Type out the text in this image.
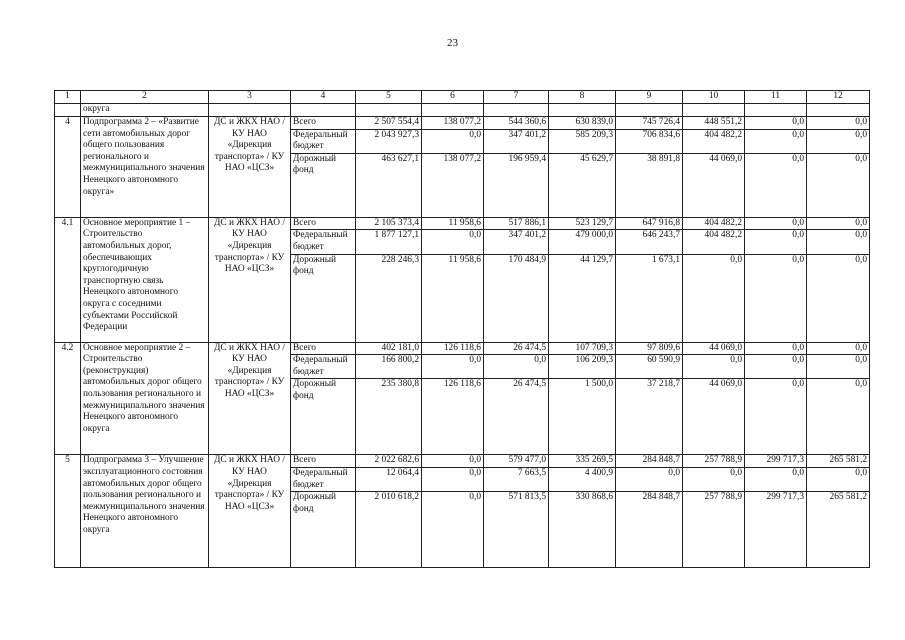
23
1	2	3	4	5	6	7	8	9	10	11	12
	округа										
4	Подпрограмма 2 – «Развитие сети автомобильных дорог общего пользования регионального и межмуниципального значения Ненецкого автономного округа»	ДС и ЖКХ НАО / КУ НАО «Дирекция транспорта» / КУ НАО «ЦСЗ»	Всего	2 507 554,4	138 077,2	544 360,6	630 839,0	745 726,4	448 551,2	0,0	0,0
			Федеральный бюджет	2 043 927,3	0,0	347 401,2	585 209,3	706 834,6	404 482,2	0,0	0,0
			Дорожный фонд	463 627,1	138 077,2	196 959,4	45 629,7	38 891,8	44 069,0	0,0	0,0
4.1	Основное мероприятие 1 – Строительство автомобильных дорог, обеспечивающих круглогодичную транспортную связь Ненецкого автономного округа с соседними субъектами Российской Федерации	ДС и ЖКХ НАО / КУ НАО «Дирекция транспорта» / КУ НАО «ЦСЗ»	Всего	2 105 373,4	11 958,6	517 886,1	523 129,7	647 916,8	404 482,2	0,0	0,0
			Федеральный бюджет	1 877 127,1	0,0	347 401,2	479 000,0	646 243,7	404 482,2	0,0	0,0
			Дорожный фонд	228 246,3	11 958,6	170 484,9	44 129,7	1 673,1	0,0	0,0	0,0
4.2	Основное мероприятие 2 – Строительство (реконструкция) автомобильных дорог общего пользования регионального и межмуниципального значения Ненецкого автономного округа	ДС и ЖКХ НАО / КУ НАО «Дирекция транспорта» / КУ НАО «ЦСЗ»	Всего	402 181,0	126 118,6	26 474,5	107 709,3	97 809,6	44 069,0	0,0	0,0
			Федеральный бюджет	166 800,2	0,0	0,0	106 209,3	60 590,9	0,0	0,0	0,0
			Дорожный фонд	235 380,8	126 118,6	26 474,5	1 500,0	37 218,7	44 069,0	0,0	0,0
5	Подпрограмма 3 – Улучшение эксплуатационного состояния автомобильных дорог общего пользования регионального и межмуниципального значения Ненецкого автономного округа	ДС и ЖКХ НАО / КУ НАО «Дирекция транспорта» / КУ НАО «ЦСЗ»	Всего	2 022 682,6	0,0	579 477,0	335 269,5	284 848,7	257 788,9	299 717,3	265 581,2
			Федеральный бюджет	12 064,4	0,0	7 663,5	4 400,9	0,0	0,0	0,0	0,0
			Дорожный фонд	2 010 618,2	0,0	571 813,5	330 868,6	284 848,7	257 788,9	299 717,3	265 581,2
